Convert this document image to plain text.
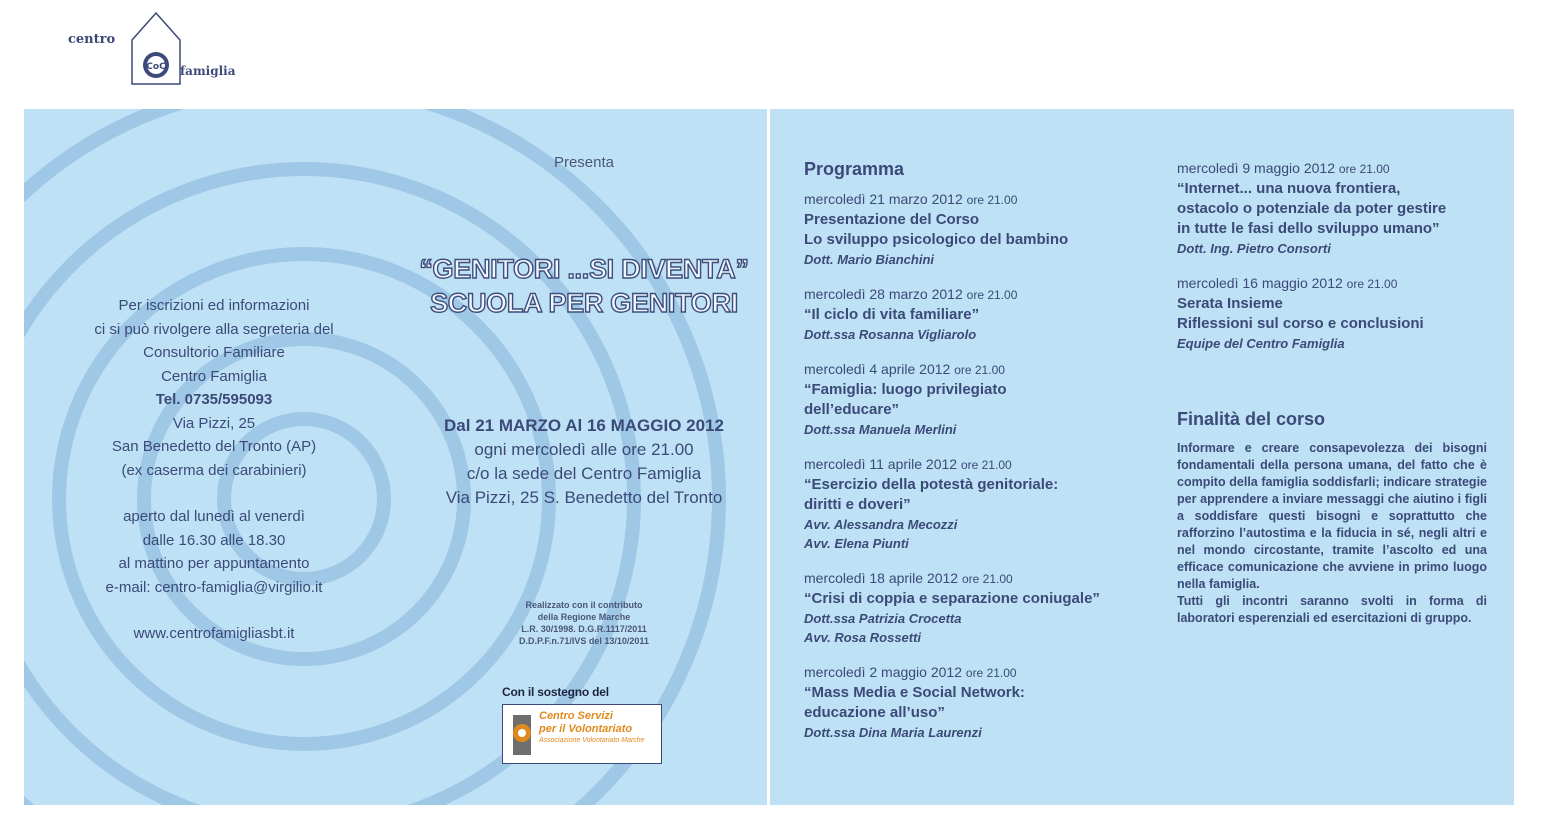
centro
CoC famiglia
Presenta
“GENITORI ...SI DIVENTA”
SCUOLA PER GENITORI
Per iscrizioni ed informazioni
ci si può rivolgere alla segreteria del
Consultorio Familiare
Centro Famiglia
Tel. 0735/595093
Via Pizzi, 25
San Benedetto del Tronto (AP)
(ex caserma dei carabinieri)
aperto dal lunedì al venerdì
dalle 16.30 alle 18.30
al mattino per appuntamento
e-mail: centro-famiglia@virgilio.it
www.centrofamigliasbt.it
Dal 21 MARZO Al 16 MAGGIO 2012
ogni mercoledì alle ore 21.00
c/o la sede del Centro Famiglia
Via Pizzi, 25 S. Benedetto del Tronto
Realizzato con il contributo
della Regione Marche
L.R. 30/1998. D.G.R.1117/2011
D.D.P.F.n.71/IVS del 13/10/2011
Con il sostegno del
Centro Servizi
per il Volontariato
Associazione Volontariato Marche
Programma
mercoledì 21 marzo 2012 ore 21.00
Presentazione del Corso
Lo sviluppo psicologico del bambino
Dott. Mario Bianchini
mercoledì 28 marzo 2012 ore 21.00
“Il ciclo di vita familiare”
Dott.ssa Rosanna Vigliarolo
mercoledì 4 aprile 2012 ore 21.00
“Famiglia: luogo privilegiato
dell’educare”
Dott.ssa Manuela Merlini
mercoledì 11 aprile 2012 ore 21.00
“Esercizio della potestà genitoriale:
diritti e doveri”
Avv. Alessandra Mecozzi
Avv. Elena Piunti
mercoledì 18 aprile 2012 ore 21.00
“Crisi di coppia e separazione coniugale”
Dott.ssa Patrizia Crocetta
Avv. Rosa Rossetti
mercoledì 2 maggio 2012 ore 21.00
“Mass Media e Social Network:
educazione all’uso”
Dott.ssa Dina Maria Laurenzi
mercoledì 9 maggio 2012 ore 21.00
“Internet... una nuova frontiera,
ostacolo o potenziale da poter gestire
in tutte le fasi dello sviluppo umano”
Dott. Ing. Pietro Consorti
mercoledì 16 maggio 2012 ore 21.00
Serata Insieme
Riflessioni sul corso e conclusioni
Equipe del Centro Famiglia
Finalità del corso
Informare e creare consapevolezza dei bisogni fondamentali della persona umana, del fatto che è compito della famiglia soddisfarli; indicare strategie per apprendere a inviare messaggi che aiutino i figli a soddisfare questi bisogni e soprattutto che rafforzino l’autostima e la fiducia in sé, negli altri e nel mondo circostante, tramite l’ascolto ed una efficace comunicazione che avviene in primo luogo nella famiglia.
Tutti gli incontri saranno svolti in forma di laboratori esperenziali ed esercitazioni di gruppo.
